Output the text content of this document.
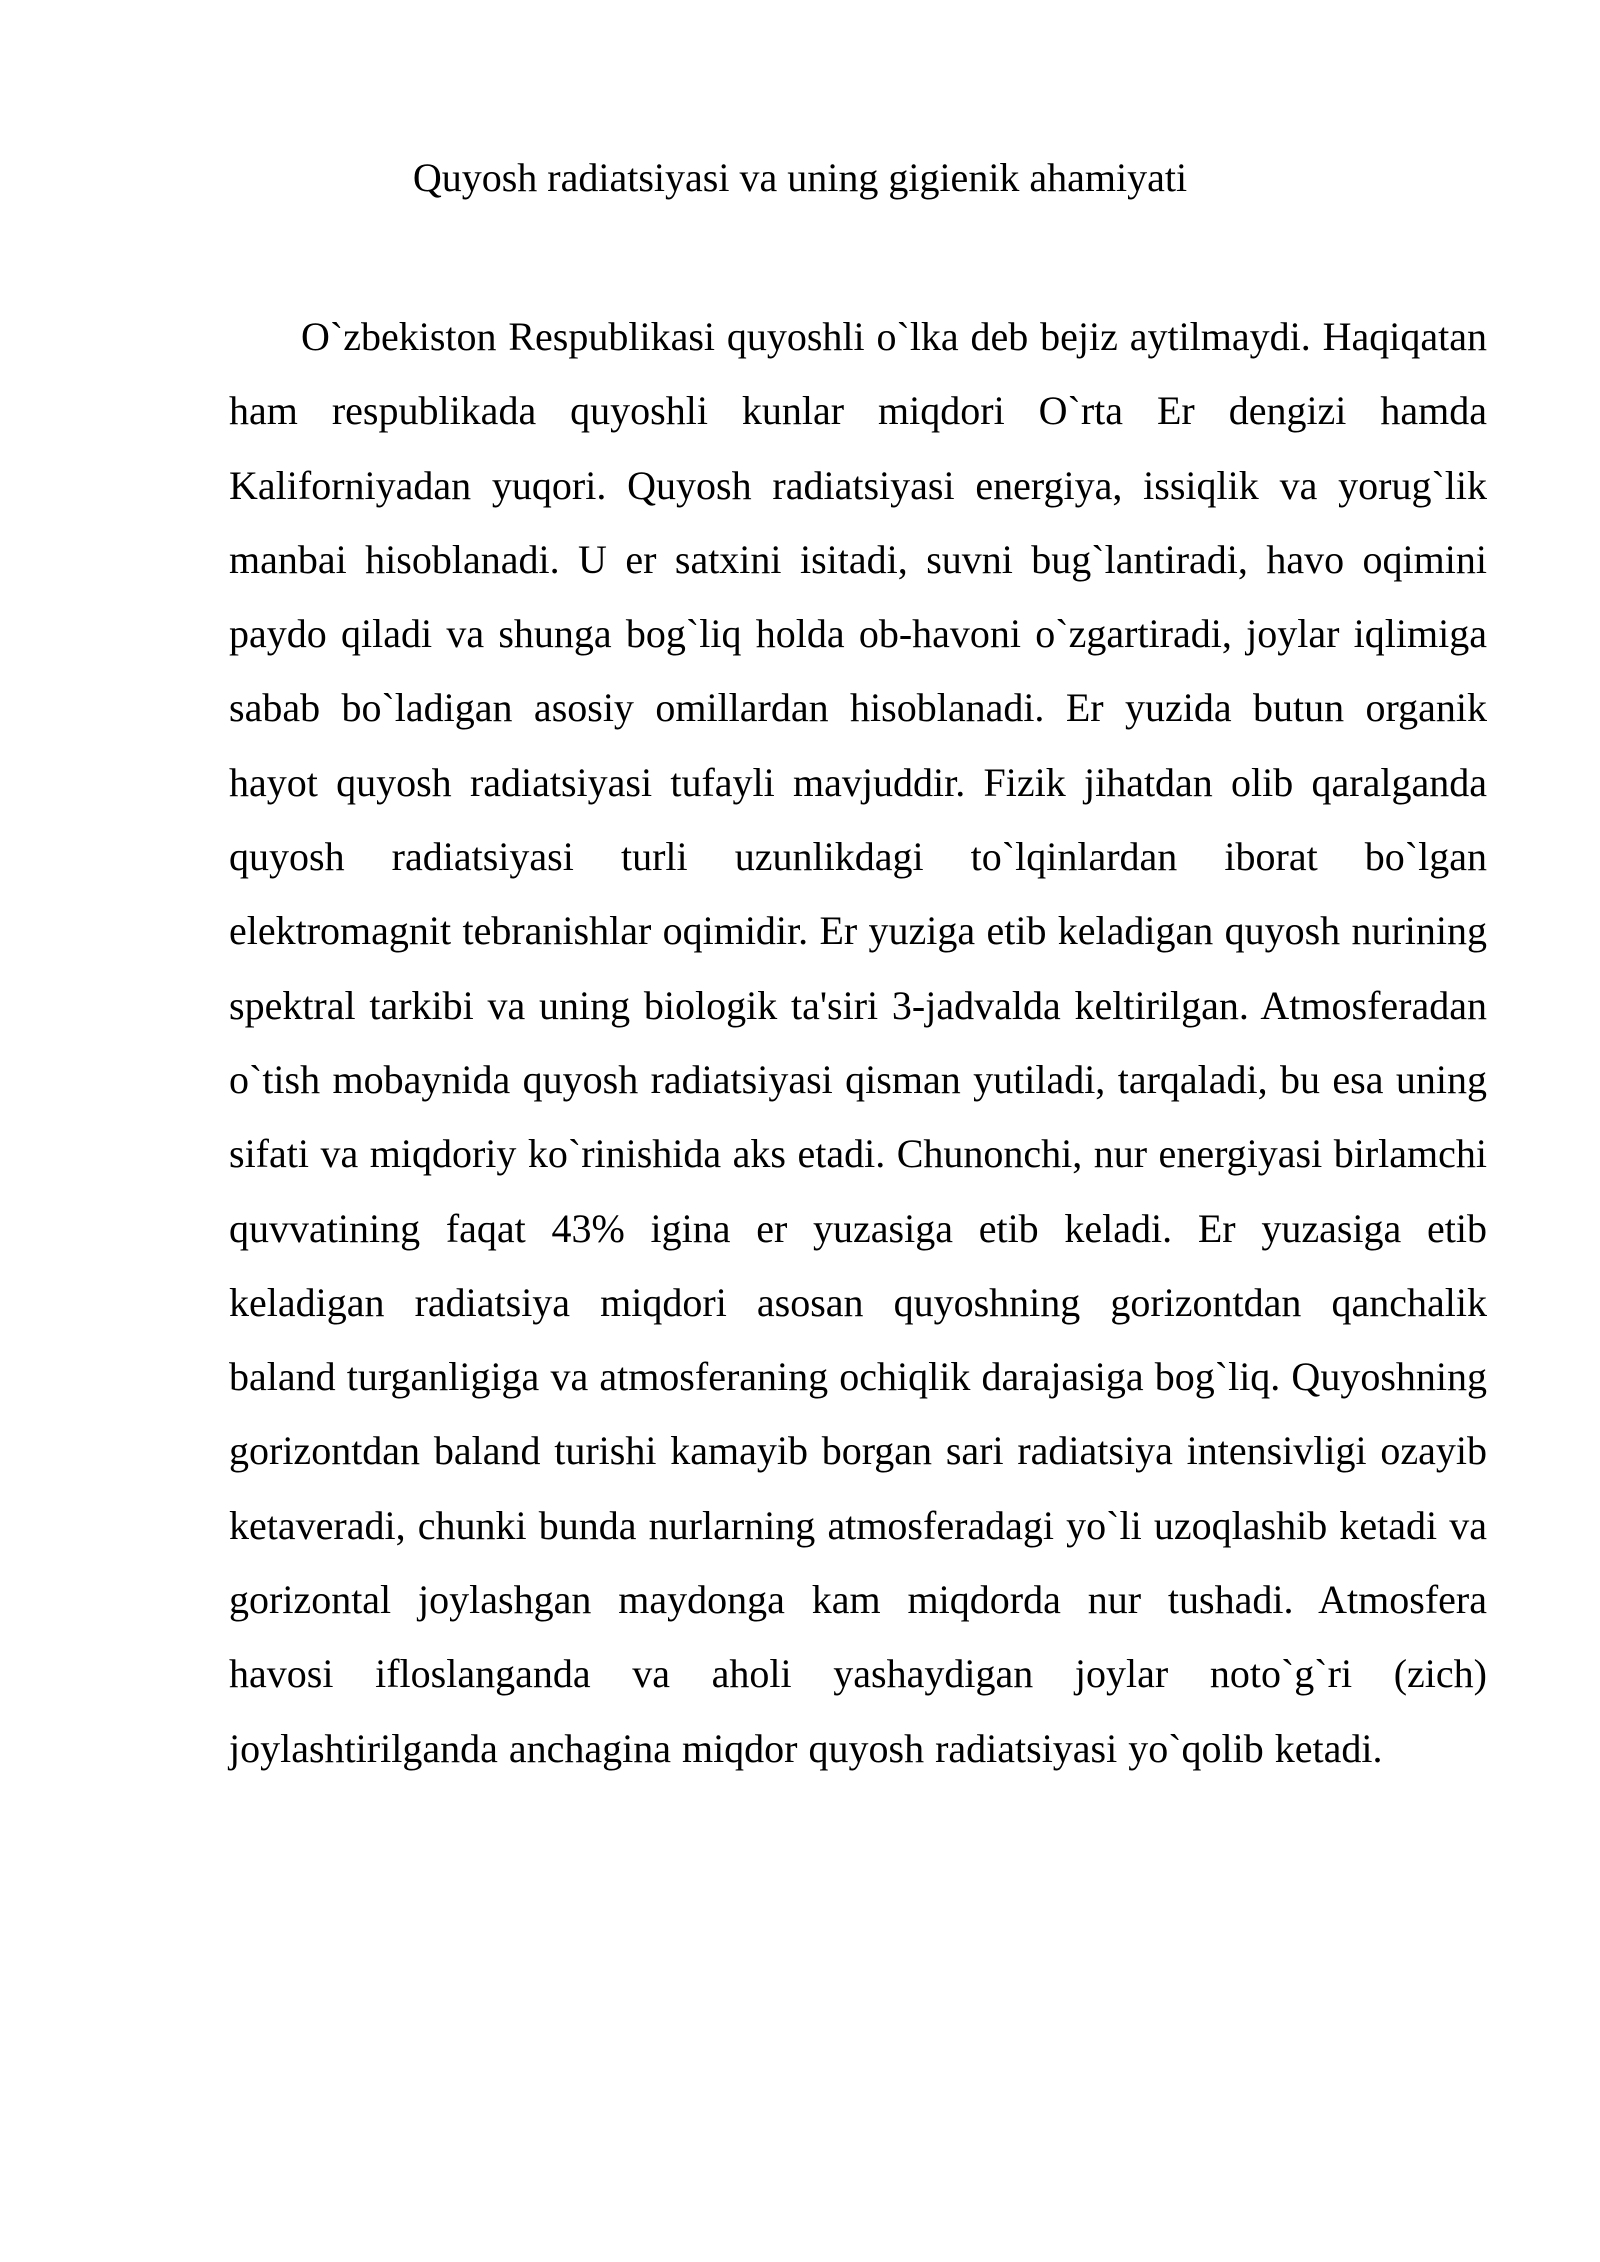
Quyosh radiatsiyasi va uning gigienik ahamiyati

O`zbekiston Respublikasi quyoshli o`lka deb bejiz aytilmaydi. Haqiqatan ham respublikada quyoshli kunlar miqdori O`rta Er dengizi hamda Kaliforniyadan yuqori. Quyosh radiatsiyasi energiya, issiqlik va yorug`lik manbai hisoblanadi. U er satxini isitadi, suvni bug`lantiradi, havo oqimini paydo qiladi va shunga bog`liq holda ob-havoni o`zgartiradi, joylar iqlimiga sabab bo`ladigan asosiy omillardan hisoblanadi. Er yuzida butun organik hayot quyosh radiatsiyasi tufayli mavjuddir. Fizik jihatdan olib qaralganda quyosh radiatsiyasi turli uzunlikdagi to`lqinlardan iborat bo`lgan elektromagnit tebranishlar oqimidir. Er yuziga etib keladigan quyosh nurining spektral tarkibi va uning biologik ta'siri 3-jadvalda keltirilgan. Atmosferadan o`tish mobaynida quyosh radiatsiyasi qisman yutiladi, tarqaladi, bu esa uning sifati va miqdoriy ko`rinishida aks etadi. Chunonchi, nur energiyasi birlamchi quvvatining faqat 43% igina er yuzasiga etib keladi. Er yuzasiga etib keladigan radiatsiya miqdori asosan quyoshning gorizontdan qanchalik baland turganligiga va atmosferaning ochiqlik darajasiga bog`liq. Quyoshning gorizontdan baland turishi kamayib borgan sari radiatsiya intensivligi ozayib ketaveradi, chunki bunda nurlarning atmosferadagi yo`li uzoqlashib ketadi va gorizontal joylashgan maydonga kam miqdorda nur tushadi. Atmosfera havosi ifloslanganda va aholi yashaydigan joylar noto`g`ri (zich) joylashtirilganda anchagina miqdor quyosh radiatsiyasi yo`qolib ketadi.
